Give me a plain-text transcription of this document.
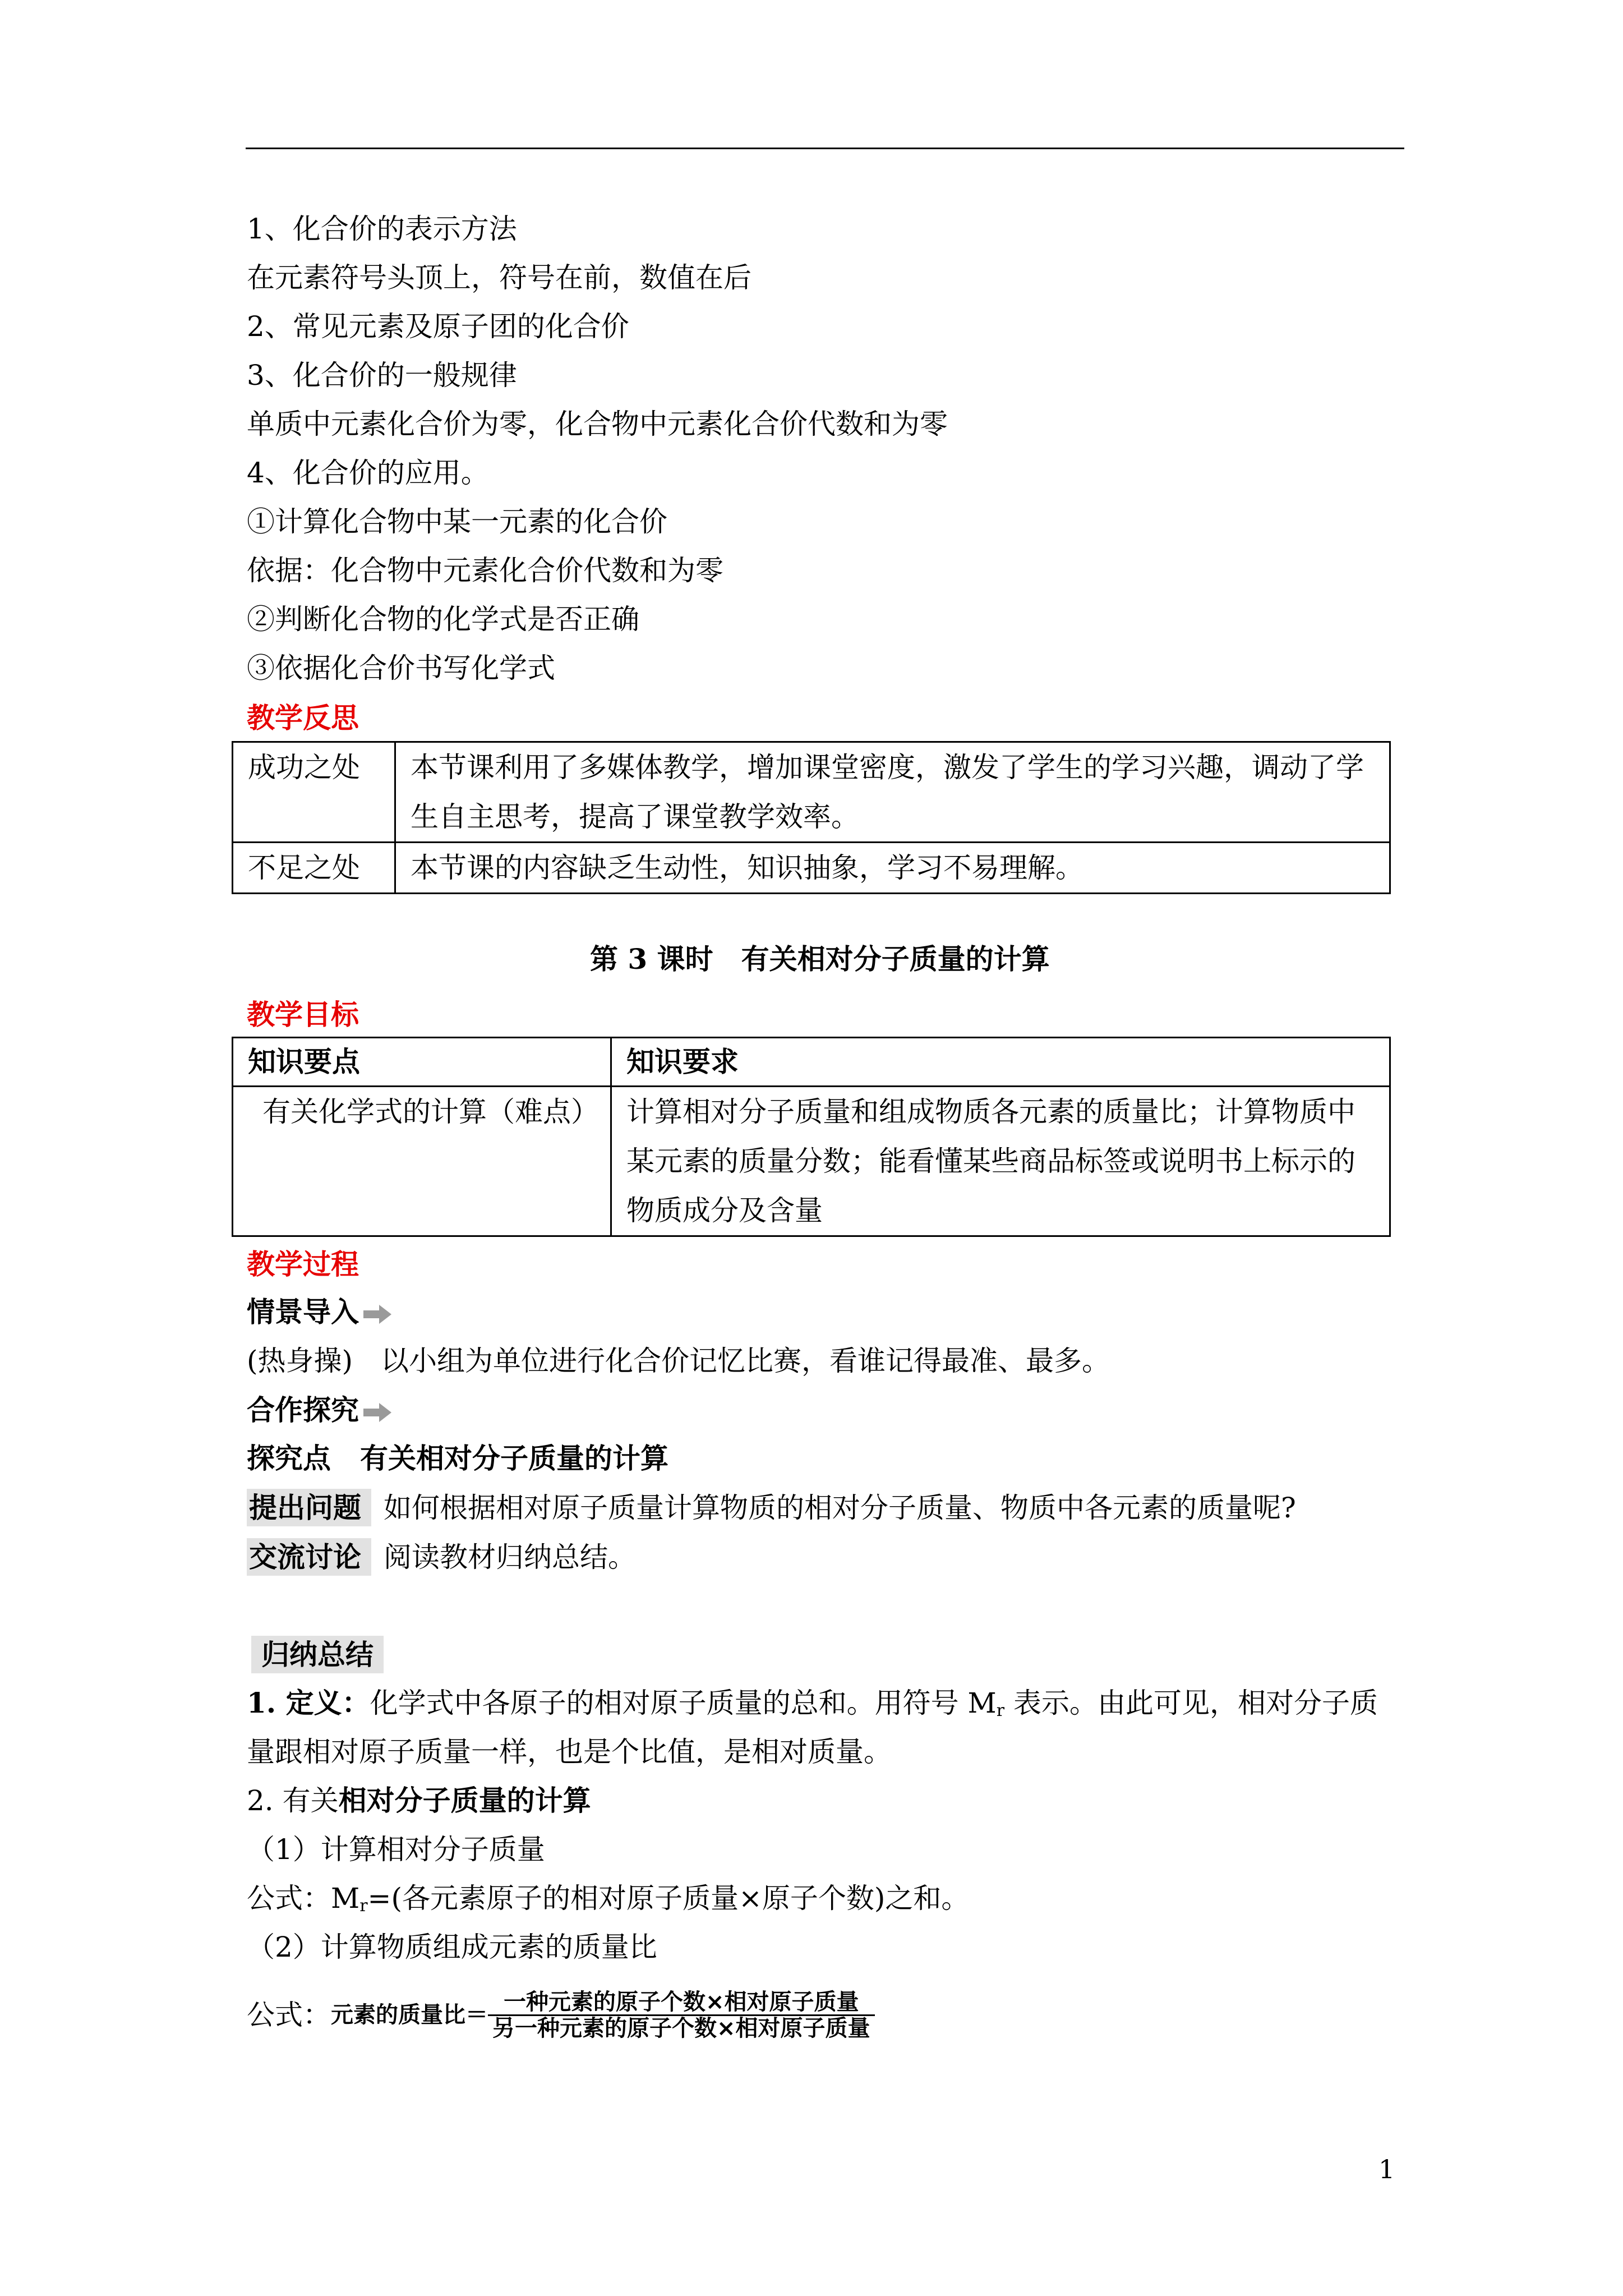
1、化合价的表示方法
在元素符号头顶上，符号在前，数值在后
2、常见元素及原子团的化合价
3、化合价的一般规律
单质中元素化合价为零，化合物中元素化合价代数和为零
4、化合价的应用。
①计算化合物中某一元素的化合价
依据：化合物中元素化合价代数和为零
②判断化合物的化学式是否正确
③依据化合价书写化学式
教学反思
成功之处	本节课利用了多媒体教学，增加课堂密度，激发了学生的学习兴趣，调动了学生自主思考，提高了课堂教学效率。
不足之处	本节课的内容缺乏生动性，知识抽象，学习不易理解。
第 3 课时　有关相对分子质量的计算
教学目标
知识要点	知识要求
有关化学式的计算（难点）	计算相对分子质量和组成物质各元素的质量比；计算物质中某元素的质量分数；能看懂某些商品标签或说明书上标示的物质成分及含量
教学过程
情景导入
(热身操)　以小组为单位进行化合价记忆比赛，看谁记得最准、最多。
合作探究
探究点 有关相对分子质量的计算
提出问题 如何根据相对原子质量计算物质的相对分子质量、物质中各元素的质量呢?
交流讨论 阅读教材归纳总结。
归纳总结
1. 定义：化学式中各原子的相对原子质量的总和。用符号 $M_r$ 表示。由此可见，相对分子质
量跟相对原子质量一样，也是个比值，是相对质量。
2. 有关相对分子质量的计算
（1）计算相对分子质量
公式：$M_r=$(各元素原子的相对原子质量×原子个数)之和。
（2）计算物质组成元素的质量比
公式：元素的质量比＝ $\frac{\text{一种元素的原子个数×相对原子质量}}{\text{另一种元素的原子个数×相对原子质量}}$
1
